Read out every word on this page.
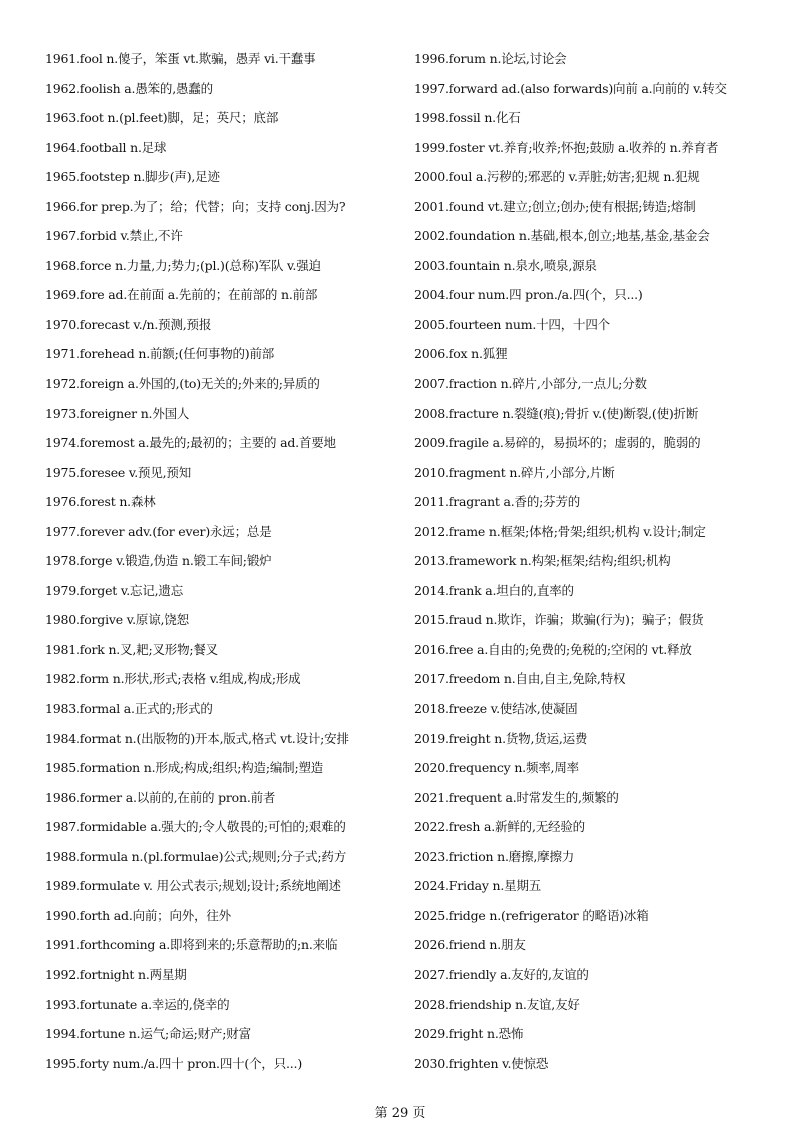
1961.fool n.傻子，笨蛋 vt.欺骗，愚弄 vi.干蠢事
1962.foolish a.愚笨的,愚蠢的
1963.foot n.(pl.feet)脚，足；英尺；底部
1964.football n.足球
1965.footstep n.脚步(声),足迹
1966.for prep.为了；给；代替；向；支持 conj.因为?
1967.forbid v.禁止,不许
1968.force n.力量,力;势力;(pl.)(总称)军队 v.强迫
1969.fore ad.在前面 a.先前的；在前部的 n.前部
1970.forecast v./n.预测,预报
1971.forehead n.前额;(任何事物的)前部
1972.foreign a.外国的,(to)无关的;外来的;异质的
1973.foreigner n.外国人
1974.foremost a.最先的;最初的；主要的 ad.首要地
1975.foresee v.预见,预知
1976.forest n.森林
1977.forever adv.(for ever)永远；总是
1978.forge v.锻造,伪造 n.锻工车间;锻炉
1979.forget v.忘记,遗忘
1980.forgive v.原谅,饶恕
1981.fork n.叉,耙;叉形物;餐叉
1982.form n.形状,形式;表格 v.组成,构成;形成
1983.formal a.正式的;形式的
1984.format n.(出版物的)开本,版式,格式 vt.设计;安排
1985.formation n.形成;构成;组织;构造;编制;塑造
1986.former a.以前的,在前的 pron.前者
1987.formidable a.强大的;令人敬畏的;可怕的;艰难的
1988.formula n.(pl.formulae)公式;规则;分子式;药方
1989.formulate v. 用公式表示;规划;设计;系统地阐述
1990.forth ad.向前；向外，往外
1991.forthcoming a.即将到来的;乐意帮助的;n.来临
1992.fortnight n.两星期
1993.fortunate a.幸运的,侥幸的
1994.fortune n.运气;命运;财产;财富
1995.forty num./a.四十 pron.四十(个，只...)
1996.forum n.论坛,讨论会
1997.forward ad.(also forwards)向前 a.向前的 v.转交
1998.fossil n.化石
1999.foster vt.养育;收养;怀抱;鼓励 a.收养的 n.养育者
2000.foul a.污秽的;邪恶的 v.弄脏;妨害;犯规 n.犯规
2001.found vt.建立;创立;创办;使有根据;铸造;熔制
2002.foundation n.基础,根本,创立;地基,基金,基金会
2003.fountain n.泉水,喷泉,源泉
2004.four num.四 pron./a.四(个，只...)
2005.fourteen num.十四，十四个
2006.fox n.狐狸
2007.fraction n.碎片,小部分,一点儿;分数
2008.fracture n.裂缝(痕);骨折 v.(使)断裂,(使)折断
2009.fragile a.易碎的，易损坏的；虚弱的，脆弱的
2010.fragment n.碎片,小部分,片断
2011.fragrant a.香的;芬芳的
2012.frame n.框架;体格;骨架;组织;机构 v.设计;制定
2013.framework n.构架;框架;结构;组织;机构
2014.frank a.坦白的,直率的
2015.fraud n.欺诈，诈骗；欺骗(行为)；骗子；假货
2016.free a.自由的;免费的;免税的;空闲的 vt.释放
2017.freedom n.自由,自主,免除,特权
2018.freeze v.使结冰,使凝固
2019.freight n.货物,货运,运费
2020.frequency n.频率,周率
2021.frequent a.时常发生的,频繁的
2022.fresh a.新鲜的,无经验的
2023.friction n.磨擦,摩擦力
2024.Friday n.星期五
2025.fridge n.(refrigerator 的略语)冰箱
2026.friend n.朋友
2027.friendly a.友好的,友谊的
2028.friendship n.友谊,友好
2029.fright n.恐怖
2030.frighten v.使惊恐
第 29 页
